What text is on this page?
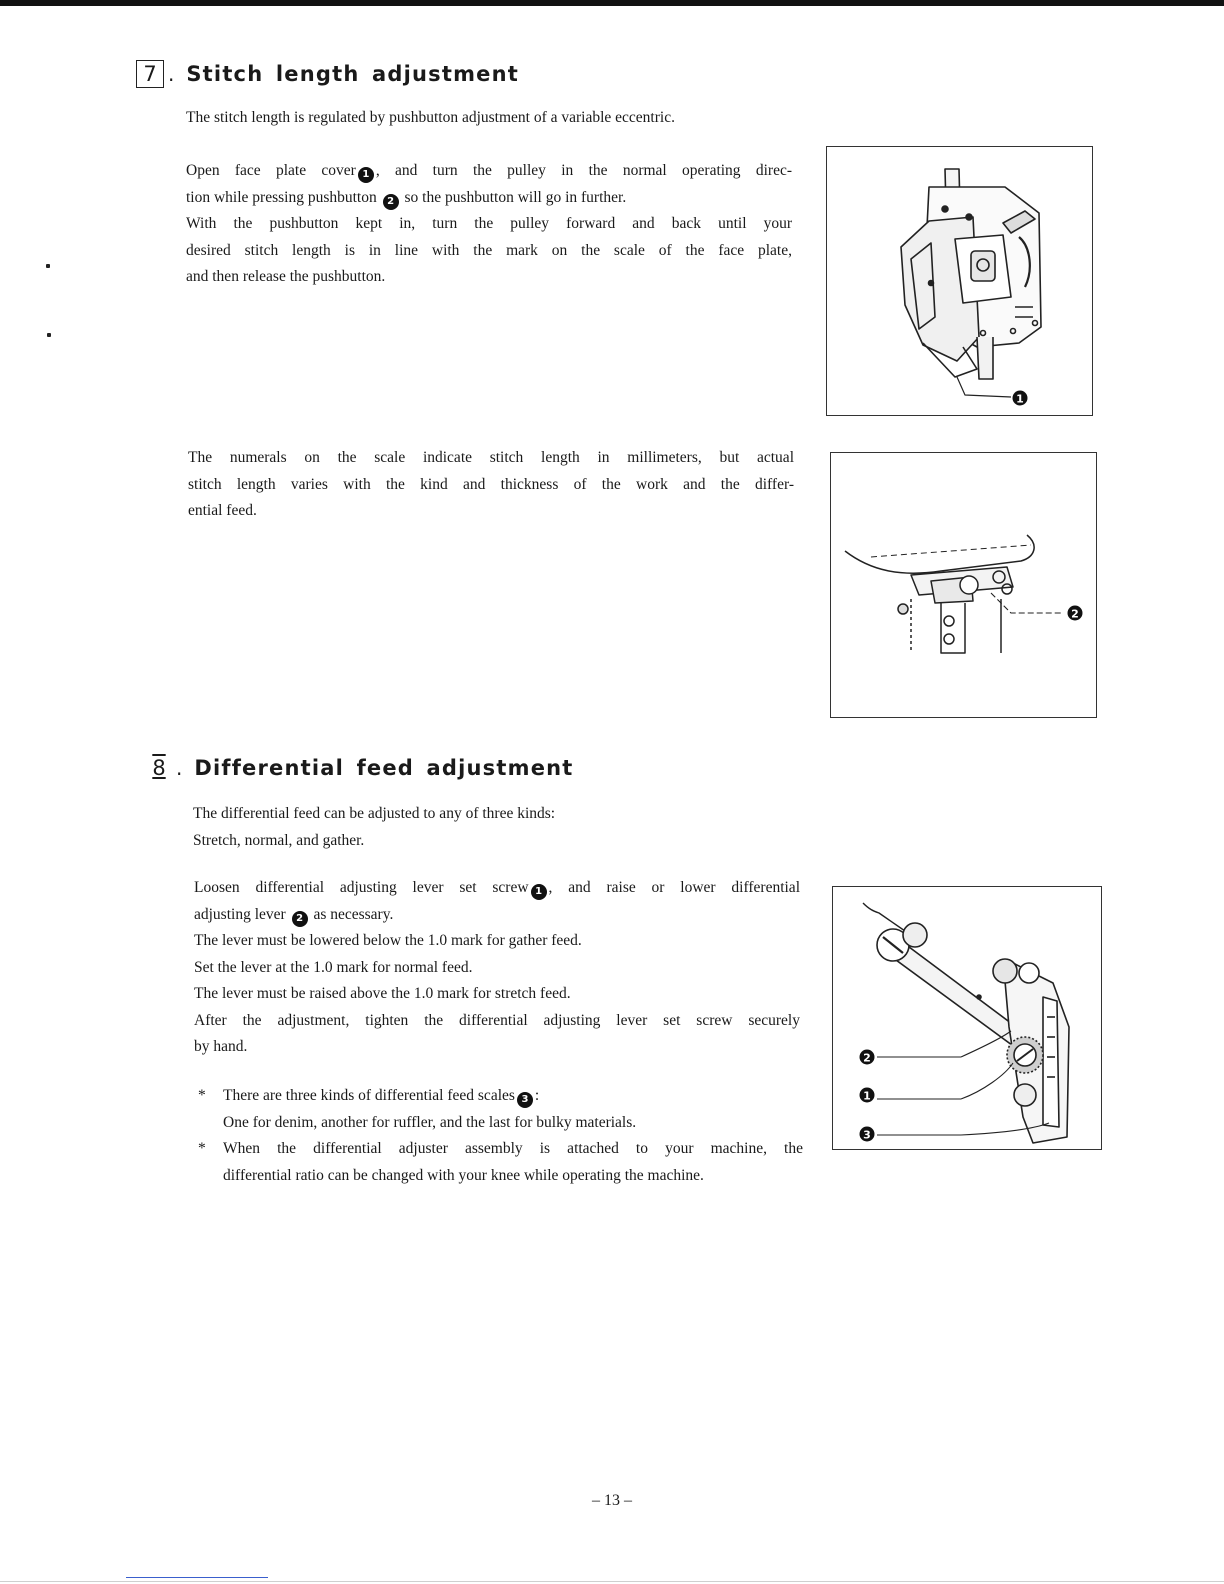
7 . Stitch length adjustment

The stitch length is regulated by pushbutton adjustment of a variable eccentric.

Open face plate cover 1 , and turn the pulley in the normal operating direc-
tion while pressing pushbutton 2 so the pushbutton will go in further.
With the pushbutton kept in, turn the pulley forward and back until your
desired stitch length is in line with the mark on the scale of the face plate,
and then release the pushbutton.

1

The numerals on the scale indicate stitch length in millimeters, but actual
stitch length varies with the kind and thickness of the work and the differ-
ential feed.

2
8 . Differential feed adjustment

The differential feed can be adjusted to any of three kinds:
Stretch, normal, and gather.

Loosen differential adjusting lever set screw 1 , and raise or lower differential
adjusting lever 2 as necessary.
The lever must be lowered below the 1.0 mark for gather feed.
Set the lever at the 1.0 mark for normal feed.
The lever must be raised above the 1.0 mark for stretch feed.
After the adjustment, tighten the differential adjusting lever set screw securely
by hand.

* There are three kinds of differential feed scales 3 :
One for denim, another for ruffler, and the last for bulky materials.
* When the differential adjuster assembly is attached to your machine, the
differential ratio can be changed with your knee while operating the machine.
2
1
3
– 13 –
